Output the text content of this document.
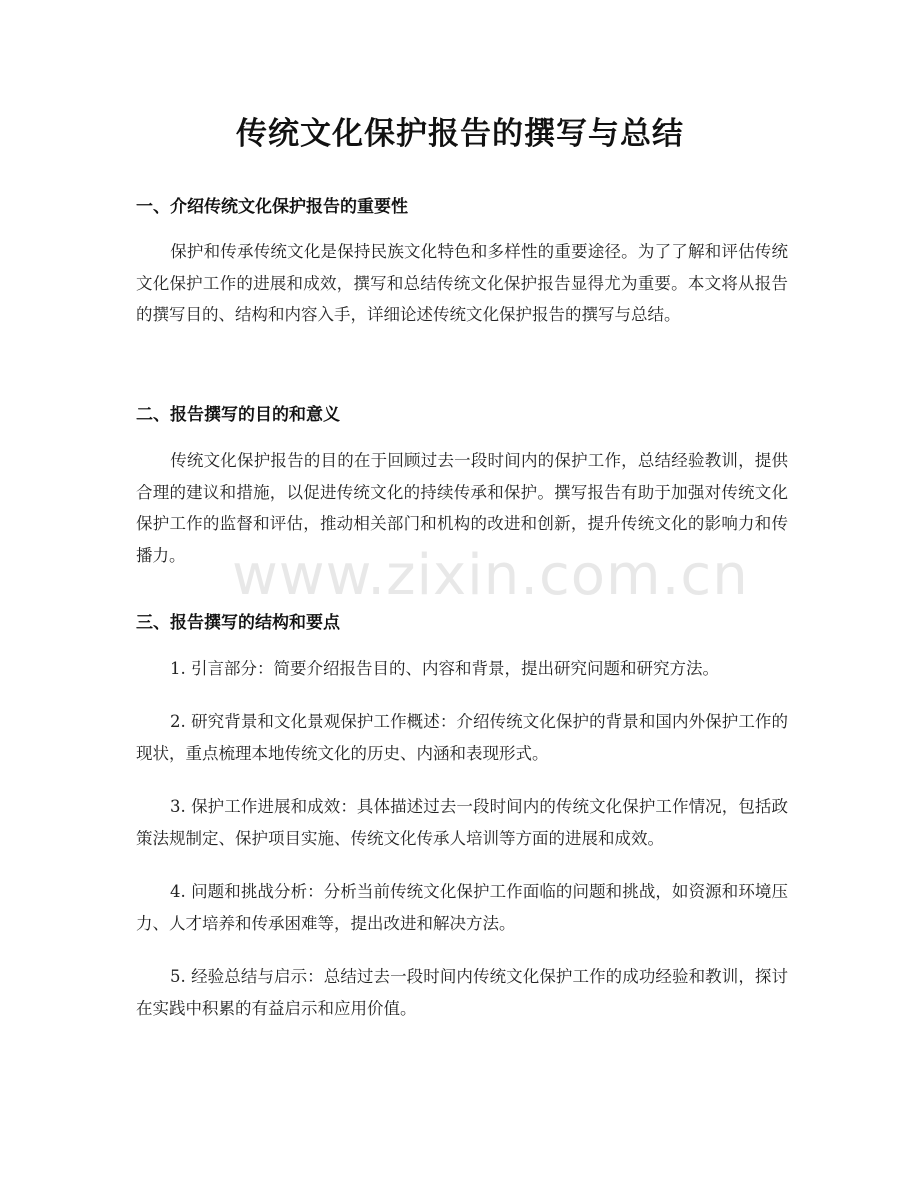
传统文化保护报告的撰写与总结
一、介绍传统文化保护报告的重要性
保护和传承传统文化是保持民族文化特色和多样性的重要途径。为了了解和评估传统文化保护工作的进展和成效，撰写和总结传统文化保护报告显得尤为重要。本文将从报告的撰写目的、结构和内容入手，详细论述传统文化保护报告的撰写与总结。
二、报告撰写的目的和意义
传统文化保护报告的目的在于回顾过去一段时间内的保护工作，总结经验教训，提供合理的建议和措施，以促进传统文化的持续传承和保护。撰写报告有助于加强对传统文化保护工作的监督和评估，推动相关部门和机构的改进和创新，提升传统文化的影响力和传播力。
三、报告撰写的结构和要点
1. 引言部分：简要介绍报告目的、内容和背景，提出研究问题和研究方法。
2. 研究背景和文化景观保护工作概述：介绍传统文化保护的背景和国内外保护工作的现状，重点梳理本地传统文化的历史、内涵和表现形式。
3. 保护工作进展和成效：具体描述过去一段时间内的传统文化保护工作情况，包括政策法规制定、保护项目实施、传统文化传承人培训等方面的进展和成效。
4. 问题和挑战分析：分析当前传统文化保护工作面临的问题和挑战，如资源和环境压力、人才培养和传承困难等，提出改进和解决方法。
5. 经验总结与启示：总结过去一段时间内传统文化保护工作的成功经验和教训，探讨在实践中积累的有益启示和应用价值。
www.zixin.com.cn
